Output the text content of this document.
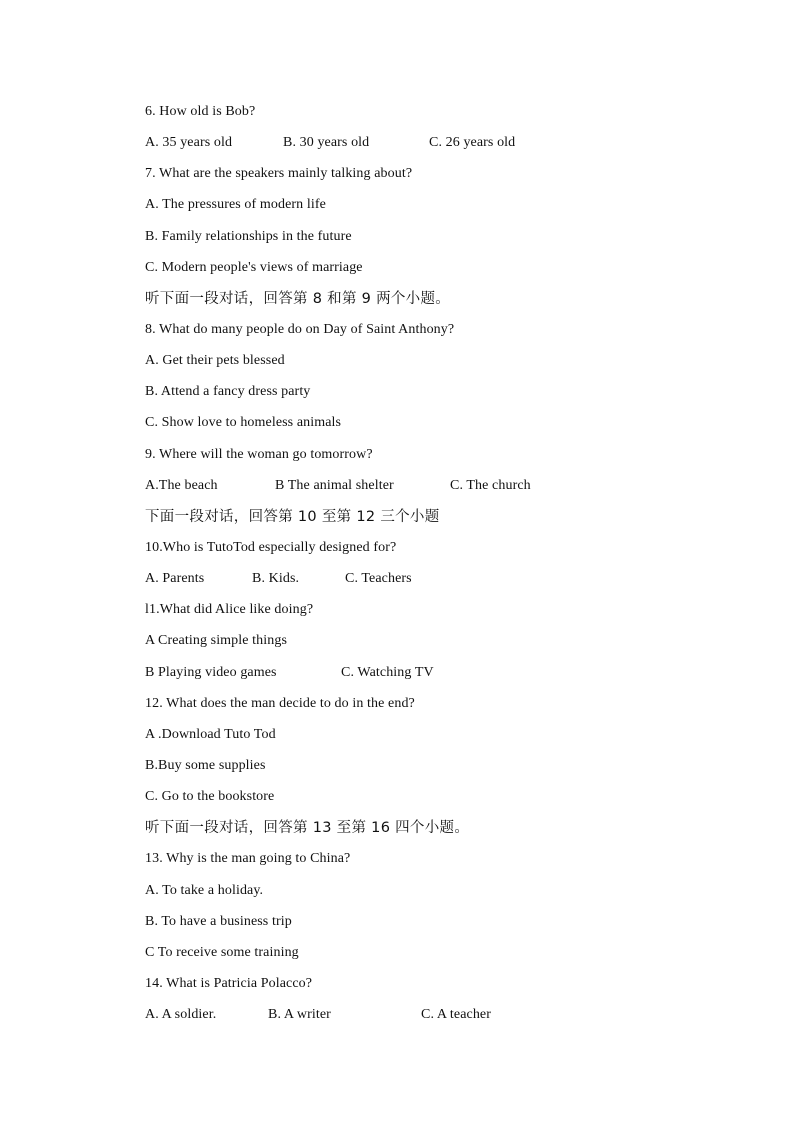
6. How old is Bob?
A. 35 years old	B. 30 years old	C. 26 years old
7. What are the speakers mainly talking about?
A. The pressures of modern life
B. Family relationships in the future
C. Modern people's views of marriage
听下面一段对话，回答第 8 和第 9 两个小题。
8. What do many people do on Day of Saint Anthony?
A. Get their pets blessed
B. Attend a fancy dress party
C. Show love to homeless animals
9. Where will the woman go tomorrow?
A.The beach	B The animal shelter	C. The church
下面一段对话，回答第 10 至第 12 三个小题
10.Who is TutoTod especially designed for?
A. Parents	B. Kids.	C. Teachers
l1.What did Alice like doing?
A Creating simple things
B Playing video games	C. Watching TV
12. What does the man decide to do in the end?
A .Download Tuto Tod
B.Buy some supplies
C. Go to the bookstore
听下面一段对话，回答第 13 至第 16 四个小题。
13. Why is the man going to China?
A. To take a holiday.
B. To have a business trip
C To receive some training
14. What is Patricia Polacco?
A. A soldier.	B. A writer	C. A teacher
